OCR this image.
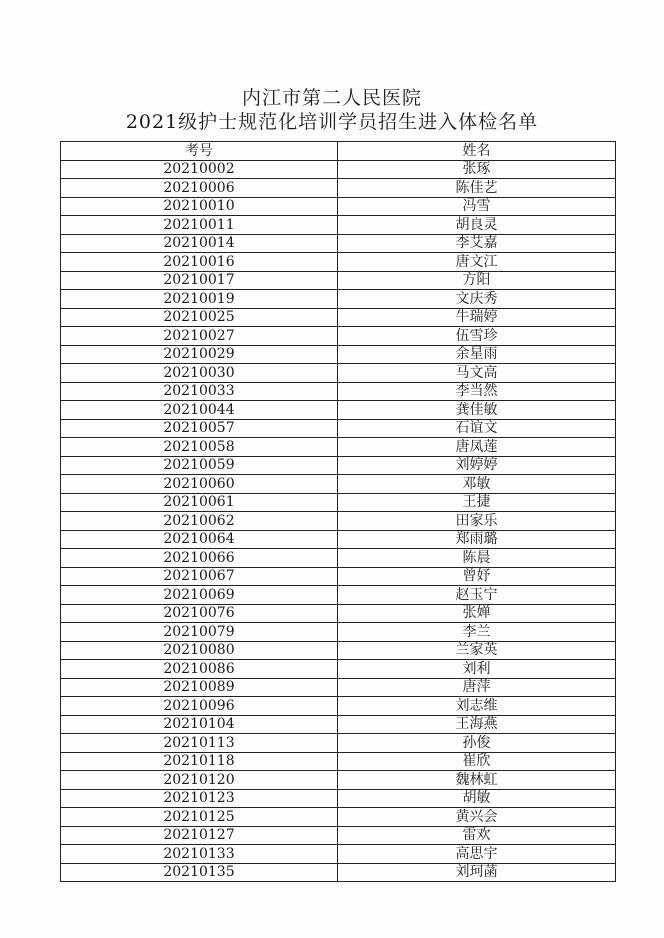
内江市第二人民医院
2021级护士规范化培训学员招生进入体检名单
考号	姓名
20210002	张琢
20210006	陈佳艺
20210010	冯雪
20210011	胡良灵
20210014	李艾嘉
20210016	唐文江
20210017	方阳
20210019	文庆秀
20210025	牛瑞婷
20210027	伍雪珍
20210029	余星雨
20210030	马文高
20210033	李当然
20210044	龚佳敏
20210057	石谊文
20210058	唐凤莲
20210059	刘婷婷
20210060	邓敏
20210061	王捷
20210062	田家乐
20210064	郑雨璐
20210066	陈晨
20210067	曾妤
20210069	赵玉宁
20210076	张婵
20210079	李兰
20210080	兰家英
20210086	刘利
20210089	唐萍
20210096	刘志维
20210104	王海燕
20210113	孙俊
20210118	崔欣
20210120	魏林虹
20210123	胡敏
20210125	黄兴会
20210127	雷欢
20210133	高思宇
20210135	刘珂菡
